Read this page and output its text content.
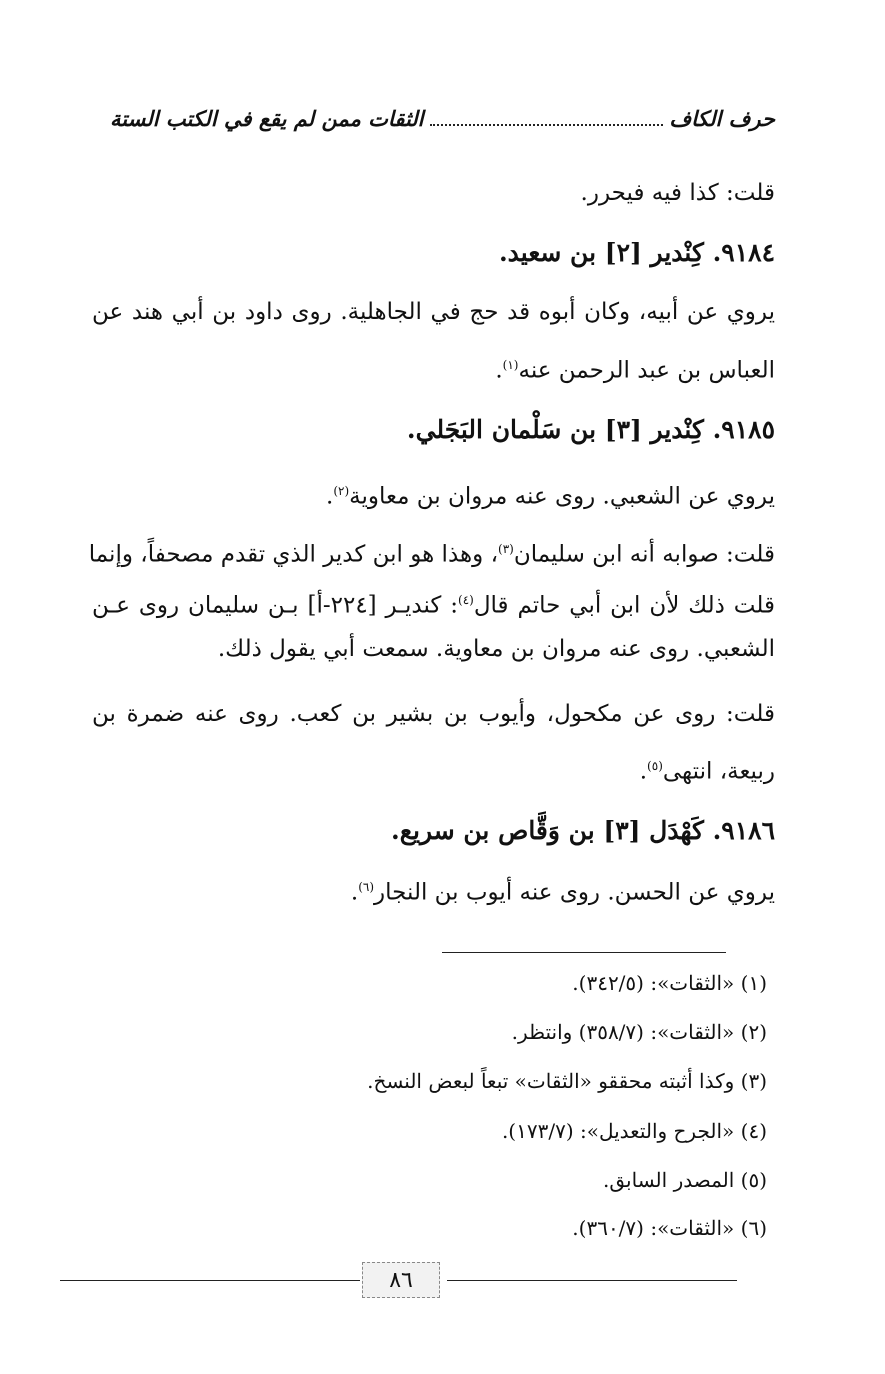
حرف الكاف
الثقات ممن لم يقع في الكتب الستة
قلت: كذا فيه فيحرر.
٩١٨٤. كِنْدير [٢] بن سعيد.
يروي عن أبيه، وكان أبوه قد حج في الجاهلية. روى داود بن أبي هند عن
العباس بن عبد الرحمن عنه$^{(١)}$.
٩١٨٥. كِنْدير [٣] بن سَلْمان البَجَلي.
يروي عن الشعبي. روى عنه مروان بن معاوية$^{(٢)}$.
قلت: صوابه أنه ابن سليمان$^{(٣)}$، وهذا هو ابن كدير الذي تقدم مصحفاً، وإنما
قلت ذلك لأن ابن أبي حاتم قال$^{(٤)}$: كنديـر [٢٢٤-أ] بـن سليمان روى عـن
الشعبي. روى عنه مروان بن معاوية. سمعت أبي يقول ذلك.
قلت: روى عن مكحول، وأيوب بن بشير بن كعب. روى عنه ضمرة بن
ربيعة، انتهى$^{(٥)}$.
٩١٨٦. كَهْدَل [٣] بن وَقَّاص بن سريع.
يروي عن الحسن. روى عنه أيوب بن النجار$^{(٦)}$.
(١) «الثقات»: (٣٤٢/٥).
(٢) «الثقات»: (٣٥٨/٧) وانتظر.
(٣) وكذا أثبته محققو «الثقات» تبعاً لبعض النسخ.
(٤) «الجرح والتعديل»: (١٧٣/٧).
(٥) المصدر السابق.
(٦) «الثقات»: (٣٦٠/٧).
٨٦
